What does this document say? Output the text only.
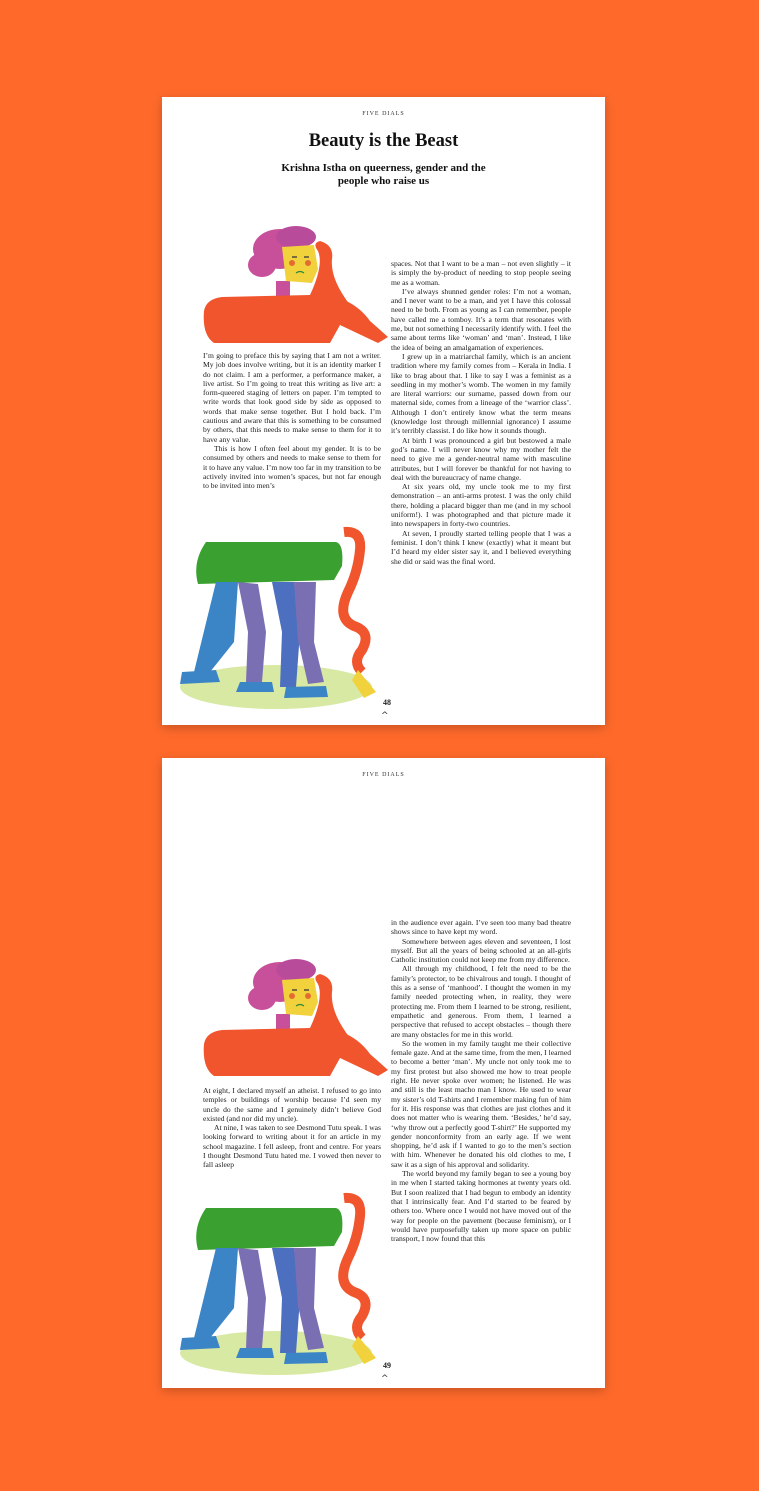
FIVE DIALS
Beauty is the Beast
Krishna Istha on queerness, gender and the people who raise us

I’m going to preface this by saying that I am not a writer. My job does involve writing, but it is an identity marker I do not claim. I am a performer, a performance maker, a live artist. So I’m going to treat this writing as live art: a form-queered staging of letters on paper. I’m tempted to write words that look good side by side as opposed to words that make sense together. But I hold back. I’m cautious and aware that this is something to be consumed by others, that this needs to make sense to them for it to have any value.

This is how I often feel about my gender. It is to be consumed by others and needs to make sense to them for it to have any value. I’m now too far in my transition to be actively invited into women’s spaces, but not far enough to be invited into men’s

spaces. Not that I want to be a man – not even slightly – it is simply the by-product of needing to stop people seeing me as a woman.

I’ve always shunned gender roles: I’m not a woman, and I never want to be a man, and yet I have this colossal need to be both. From as young as I can remember, people have called me a tomboy. It’s a term that resonates with me, but not something I necessarily identify with. I feel the same about terms like ‘woman’ and ‘man’. Instead, I like the idea of being an amalgamation of experiences.

I grew up in a matriarchal family, which is an ancient tradition where my family comes from – Kerala in India. I like to brag about that. I like to say I was a feminist as a seedling in my mother’s womb. The women in my family are literal warriors: our surname, passed down from our maternal side, comes from a lineage of the ‘warrior class’. Although I don’t entirely know what the term means (knowledge lost through millennial ignorance) I assume it’s terribly classist. I do like how it sounds though.

At birth I was pronounced a girl but bestowed a male god’s name. I will never know why my mother felt the need to give me a gender-neutral name with masculine attributes, but I will forever be thankful for not having to deal with the bureaucracy of name change.

At six years old, my uncle took me to my first demonstration – an anti-arms protest. I was the only child there, holding a placard bigger than me (and in my school uniform!). I was photographed and that picture made it into newspapers in forty-two countries.

At seven, I proudly started telling people that I was a feminist. I don’t think I knew (exactly) what it meant but I’d heard my elder sister say it, and I believed everything she did or said was the final word.

48
^
FIVE DIALS

At eight, I declared myself an atheist. I refused to go into temples or buildings of worship because I’d seen my uncle do the same and I genuinely didn’t believe God existed (and nor did my uncle).

At nine, I was taken to see Desmond Tutu speak. I was looking forward to writing about it for an article in my school magazine. I fell asleep, front and centre. For years I thought Desmond Tutu hated me. I vowed then never to fall asleep

in the audience ever again. I’ve seen too many bad theatre shows since to have kept my word.

Somewhere between ages eleven and seventeen, I lost myself. But all the years of being schooled at an all-girls Catholic institution could not keep me from my difference.

All through my childhood, I felt the need to be the family’s protector, to be chivalrous and tough. I thought of this as a sense of ‘manhood’. I thought the women in my family needed protecting when, in reality, they were protecting me. From them I learned to be strong, resilient, empathetic and generous. From them, I learned a perspective that refused to accept obstacles – though there are many obstacles for me in this world.

So the women in my family taught me their collective female gaze. And at the same time, from the men, I learned to become a better ‘man’. My uncle not only took me to my first protest but also showed me how to treat people right. He never spoke over women; he listened. He was and still is the least macho man I know. He used to wear my sister’s old T-shirts and I remember making fun of him for it. His response was that clothes are just clothes and it does not matter who is wearing them. ‘Besides,’ he’d say, ‘why throw out a perfectly good T-shirt?’ He supported my gender nonconformity from an early age. If we went shopping, he’d ask if I wanted to go to the men’s section with him. Whenever he donated his old clothes to me, I saw it as a sign of his approval and solidarity.

The world beyond my family began to see a young boy in me when I started taking hormones at twenty years old. But I soon realized that I had begun to embody an identity that I intrinsically fear. And I’d started to be feared by others too. Where once I would not have moved out of the way for people on the pavement (because feminism), or I would have purposefully taken up more space on public transport, I now found that this

49
^
